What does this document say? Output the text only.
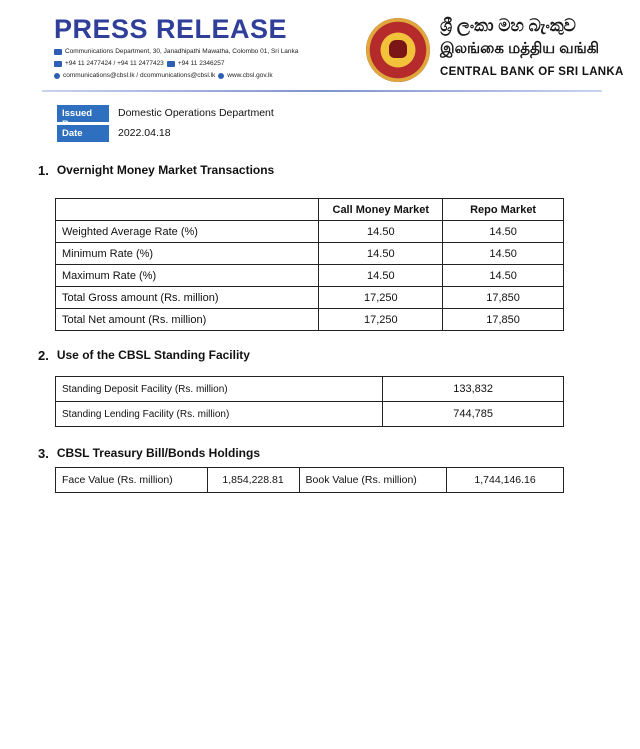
PRESS RELEASE
Communications Department, 30, Janadhipathi Mawatha, Colombo 01, Sri Lanka
+94 11 2477424 / +94 11 2477423 +94 11 2346257
communications@cbsl.lk / dcommunications@cbsl.lk www.cbsl.gov.lk
ශ්‍රී ලංකා මහ බැංකුව
இலங்கை மத்திய வங்கி
CENTRAL BANK OF SRI LANKA
Issued	Domestic Operations Department
Date	2022.04.18
1. Overnight Money Market Transactions
	Call Money Market	Repo Market
Weighted Average Rate (%)	14.50	14.50
Minimum Rate (%)	14.50	14.50
Maximum Rate (%)	14.50	14.50
Total Gross amount (Rs. million)	17,250	17,850
Total Net amount (Rs. million)	17,250	17,850
2. Use of the CBSL Standing Facility
Standing Deposit Facility (Rs. million)	133,832
Standing Lending Facility (Rs. million)	744,785
3. CBSL Treasury Bill/Bonds Holdings
Face Value (Rs. million)	1,854,228.81	Book Value (Rs. million)	1,744,146.16
